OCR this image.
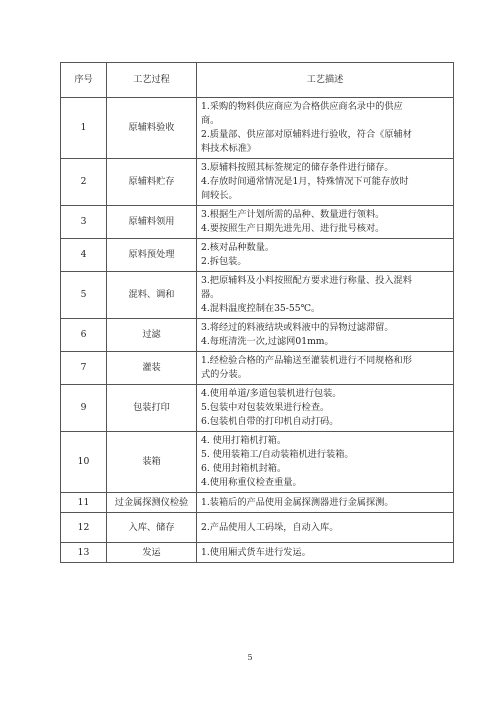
序号	工艺过程	工艺描述
1	原辅料验收	1.采购的物料供应商应为合格供应商名录中的供应
商。
2.质量部、供应部对原辅料进行验收，符合《原辅材
料技术标准》

2	原辅料贮存	3.原辅料按照其标签规定的储存条件进行储存。
4.存放时间通常情况是1月，特殊情况下可能存放时
间较长。

3	原辅料领用	3.根据生产计划所需的品种、数量进行领料。
4.要按照生产日期先进先用、进行批号核对。

4	原料预处理	2.核对品种数量。
2.拆包装。

5	混料、调和	3.把原辅料及小料按照配方要求进行称量、投入混料
器。
4.混料温度控制在35-55℃。

6	过滤	3.将经过的料液结块或料液中的异物过滤滞留。
4.每班清洗一次,过滤网01mm。

7	灌装	1.经检验合格的产品输送至灌装机进行不同规格和形
式的分装。

9	包装打印	4.使用单道/多道包装机进行包装。
5.包装中对包装效果进行检查。
6.包装机自带的打印机自动打码。

10	装箱	4. 使用打箱机打箱。
5. 使用装箱工/自动装箱机进行装箱。
6. 使用封箱机封箱。
4.使用称重仪检查重量。

11	过金属探测仪检验	1.装箱后的产品使用金属探测器进行金属探测。

12	入库、储存	2.产品使用人工码垛，自动入库。

13	发运	1.使用厢式货车进行发运。
5
